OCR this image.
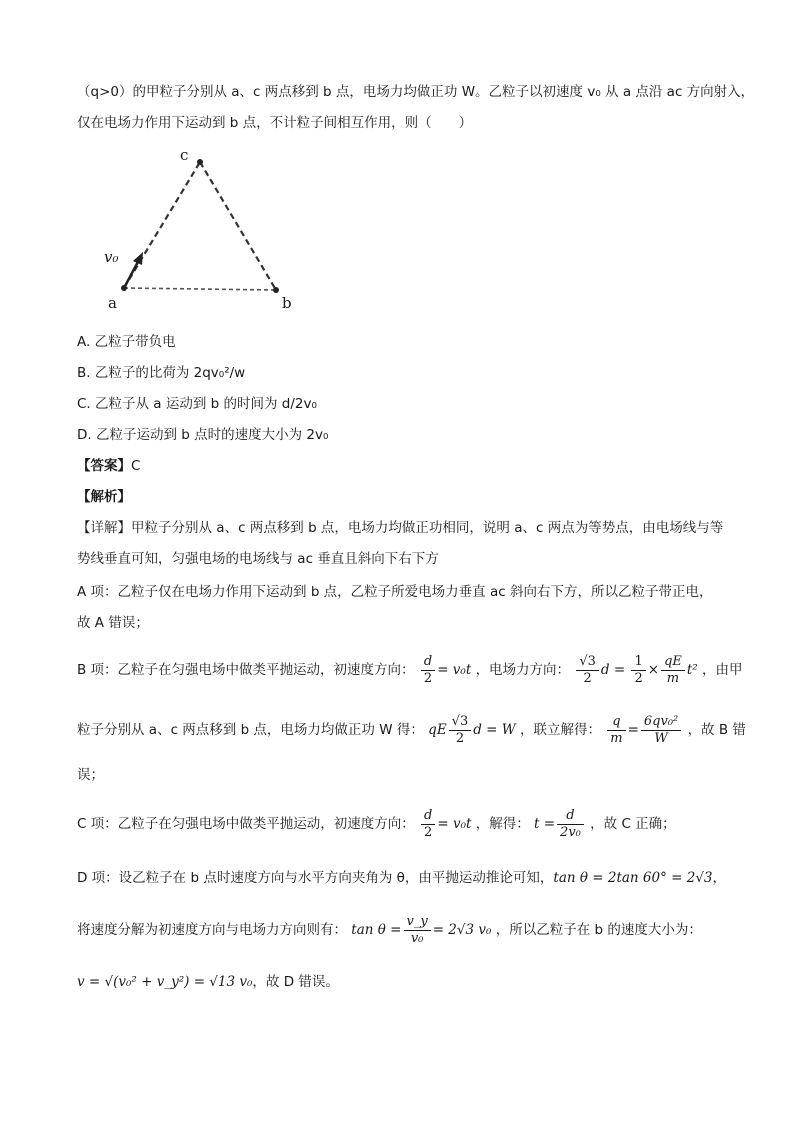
（q>0）的甲粒子分别从 a、c 两点移到 b 点，电场力均做正功 W。乙粒子以初速度 v₀ 从 a 点沿 ac 方向射入，
仅在电场力作用下运动到 b 点，不计粒子间相互作用，则（　　）
c
v₀
a	b
A. 乙粒子带负电
B. 乙粒子的比荷为 2qv₀²/w
C. 乙粒子从 a 运动到 b 的时间为 d/2v₀
D. 乙粒子运动到 b 点时的速度大小为 2v₀
【答案】C
【解析】
【详解】甲粒子分别从 a、c 两点移到 b 点，电场力均做正功相同，说明 a、c 两点为等势点，由电场线与等
势线垂直可知，匀强电场的电场线与 ac 垂直且斜向下右下方
A 项：乙粒子仅在电场力作用下运动到 b 点，乙粒子所爱电场力垂直 ac 斜向右下方，所以乙粒子带正电，
故 A 错误；
B 项：乙粒子在匀强电场中做类平抛运动，初速度方向： $\frac{d}{2} = v_0t$ ，电场力方向： $\frac{√3}{2}$ $d = \frac{1}{2} \times \frac{qE}{m} t^2$ ，由甲
粒子分别从 a、c 两点移到 b 点，电场力均做正功 W 得： qE $\frac{√3}{2}$ d = W ，联立解得： $\frac{q}{m} = \frac{\text{6qv₀²}}{W}$ ，故 B 错
误；
C 项：乙粒子在匀强电场中做类平抛运动，初速度方向： $\frac{d}{2} = v_0t$ ，解得： $t = \frac{d}{\text{2v₀}}$ ，故 C 正确；
D 项：设乙粒子在 b 点时速度方向与水平方向夹角为 θ，由平抛运动推论可知，tan θ = 2tan 60° = 2√3，
将速度分解为初速度方向与电场力方向则有： $\tan \theta = \frac{v\_y}{\text{v₀}} = 2√3$ v₀ ，所以乙粒子在 b 的速度大小为：
v = √(v₀² + v_y²) = √13 v₀，故 D 错误。
